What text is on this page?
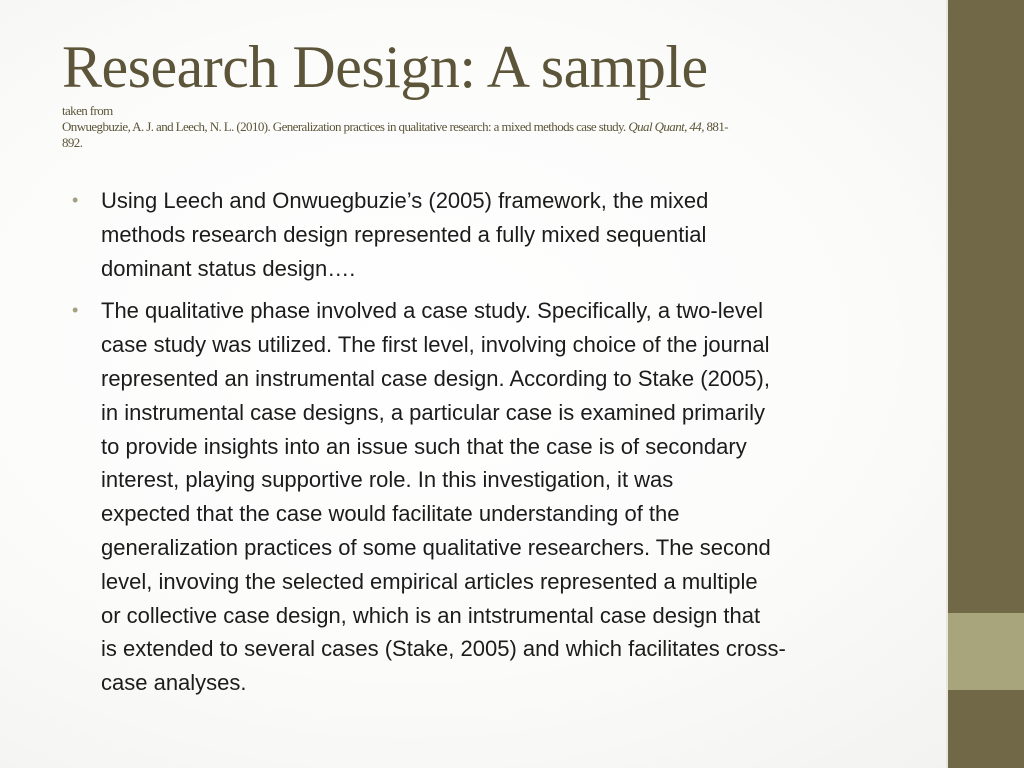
Research Design: A sample
taken from
Onwuegbuzie, A. J. and Leech, N. L. (2010). Generalization practices in qualitative research: a mixed methods case study. Qual Quant, 44, 881-
892.
• Using Leech and Onwuegbuzie’s (2005) framework, the mixed
methods research design represented a fully mixed sequential
dominant status design….
• The qualitative phase involved a case study. Specifically, a two-level
case study was utilized. The first level, involving choice of the journal
represented an instrumental case design. According to Stake (2005),
in instrumental case designs, a particular case is examined primarily
to provide insights into an issue such that the case is of secondary
interest, playing supportive role. In this investigation, it was
expected that the case would facilitate understanding of the
generalization practices of some qualitative researchers. The second
level, invoving the selected empirical articles represented a multiple
or collective case design, which is an intstrumental case design that
is extended to several cases (Stake, 2005) and which facilitates cross-
case analyses.
